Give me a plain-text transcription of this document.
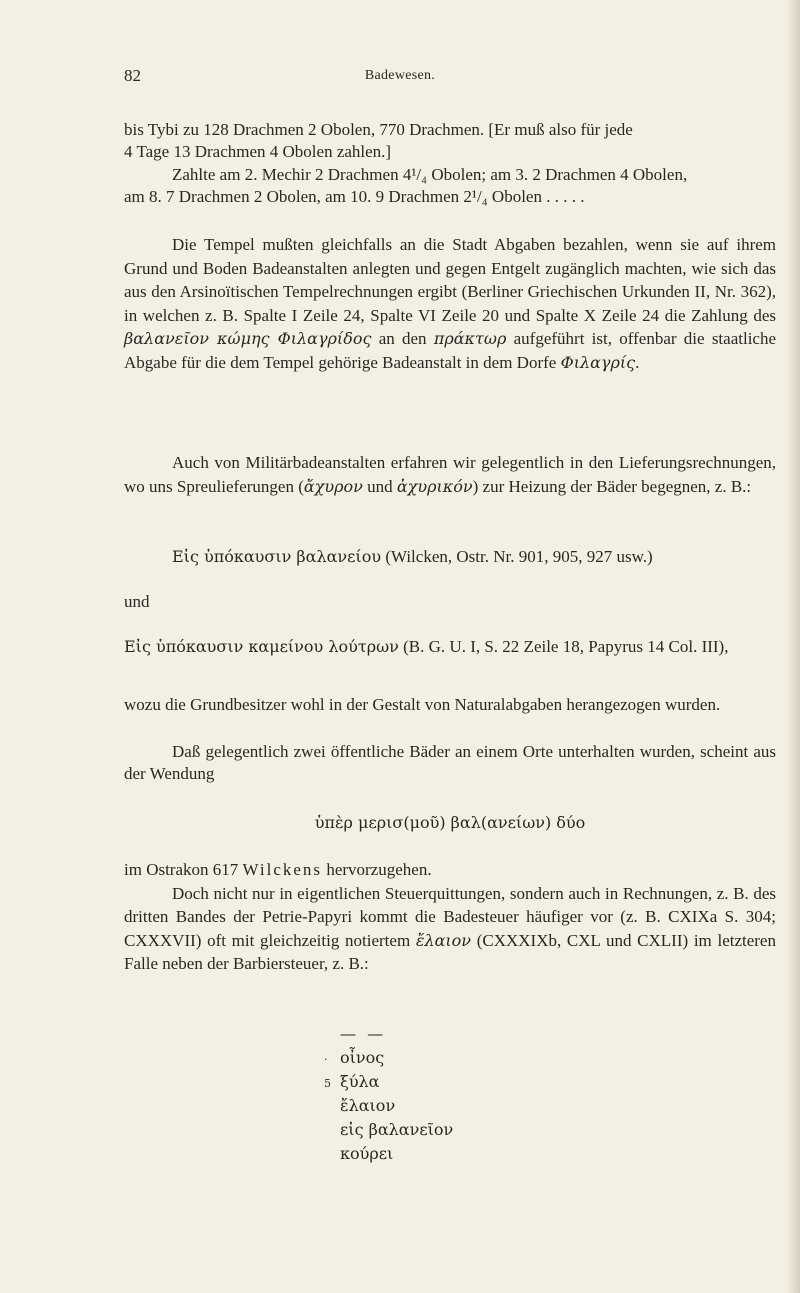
82	Badewesen.
bis Tybi zu 128 Drachmen 2 Obolen, 770 Drachmen. [Er muß also für jede
4 Tage 13 Drachmen 4 Obolen zahlen.]
Zahlte am 2. Mechir 2 Drachmen 4¹/₄ Obolen; am 3. 2 Drachmen 4 Obolen,
am 8. 7 Drachmen 2 Obolen, am 10. 9 Drachmen 2¹/₄ Obolen . . . . .
Die Tempel mußten gleichfalls an die Stadt Abgaben bezahlen, wenn sie auf ihrem Grund und Boden Badeanstalten anlegten und gegen Entgelt zugänglich machten, wie sich das aus den Arsinoïtischen Tempelrechnungen ergibt (Berliner Griechischen Urkunden II, Nr. 362), in welchen z. B. Spalte I Zeile 24, Spalte VI Zeile 20 und Spalte X Zeile 24 die Zahlung des βαλανεῖον κώμης Φιλαγρίδος an den πράκτωρ aufgeführt ist, offenbar die staatliche Abgabe für die dem Tempel gehörige Badeanstalt in dem Dorfe Φιλαγρίς.
Auch von Militärbadeanstalten erfahren wir gelegentlich in den Lieferungsrechnungen, wo uns Spreulieferungen (ἄχυρον und ἀχυρικόν) zur Heizung der Bäder begegnen, z. B.:
Εἰς ὑπόκαυσιν βαλανείου (Wilcken, Ostr. Nr. 901, 905, 927 usw.)
und
Εἰς ὑπόκαυσιν καμείνου λούτρων (B. G. U. I, S. 22 Zeile 18, Papyrus 14 Col. III),
wozu die Grundbesitzer wohl in der Gestalt von Naturalabgaben herangezogen wurden.
Daß gelegentlich zwei öffentliche Bäder an einem Orte unterhalten wurden, scheint aus der Wendung
ὑπὲρ μερισ(μοῦ) βαλ(ανείων) δύο
im Ostrakon 617 Wilckens hervorzugehen.
Doch nicht nur in eigentlichen Steuerquittungen, sondern auch in Rechnungen, z. B. des dritten Bandes der Petrie-Papyri kommt die Badesteuer häufiger vor (z. B. CXIXa S. 304; CXXXVII) oft mit gleichzeitig notiertem ἔλαιον (CXXXIXb, CXL und CXLII) im letzteren Falle neben der Barbiersteuer, z. B.:
— —
· οἶνος
5 ξύλα
ἔλαιον
εἰς βαλανεῖον
κούρει
